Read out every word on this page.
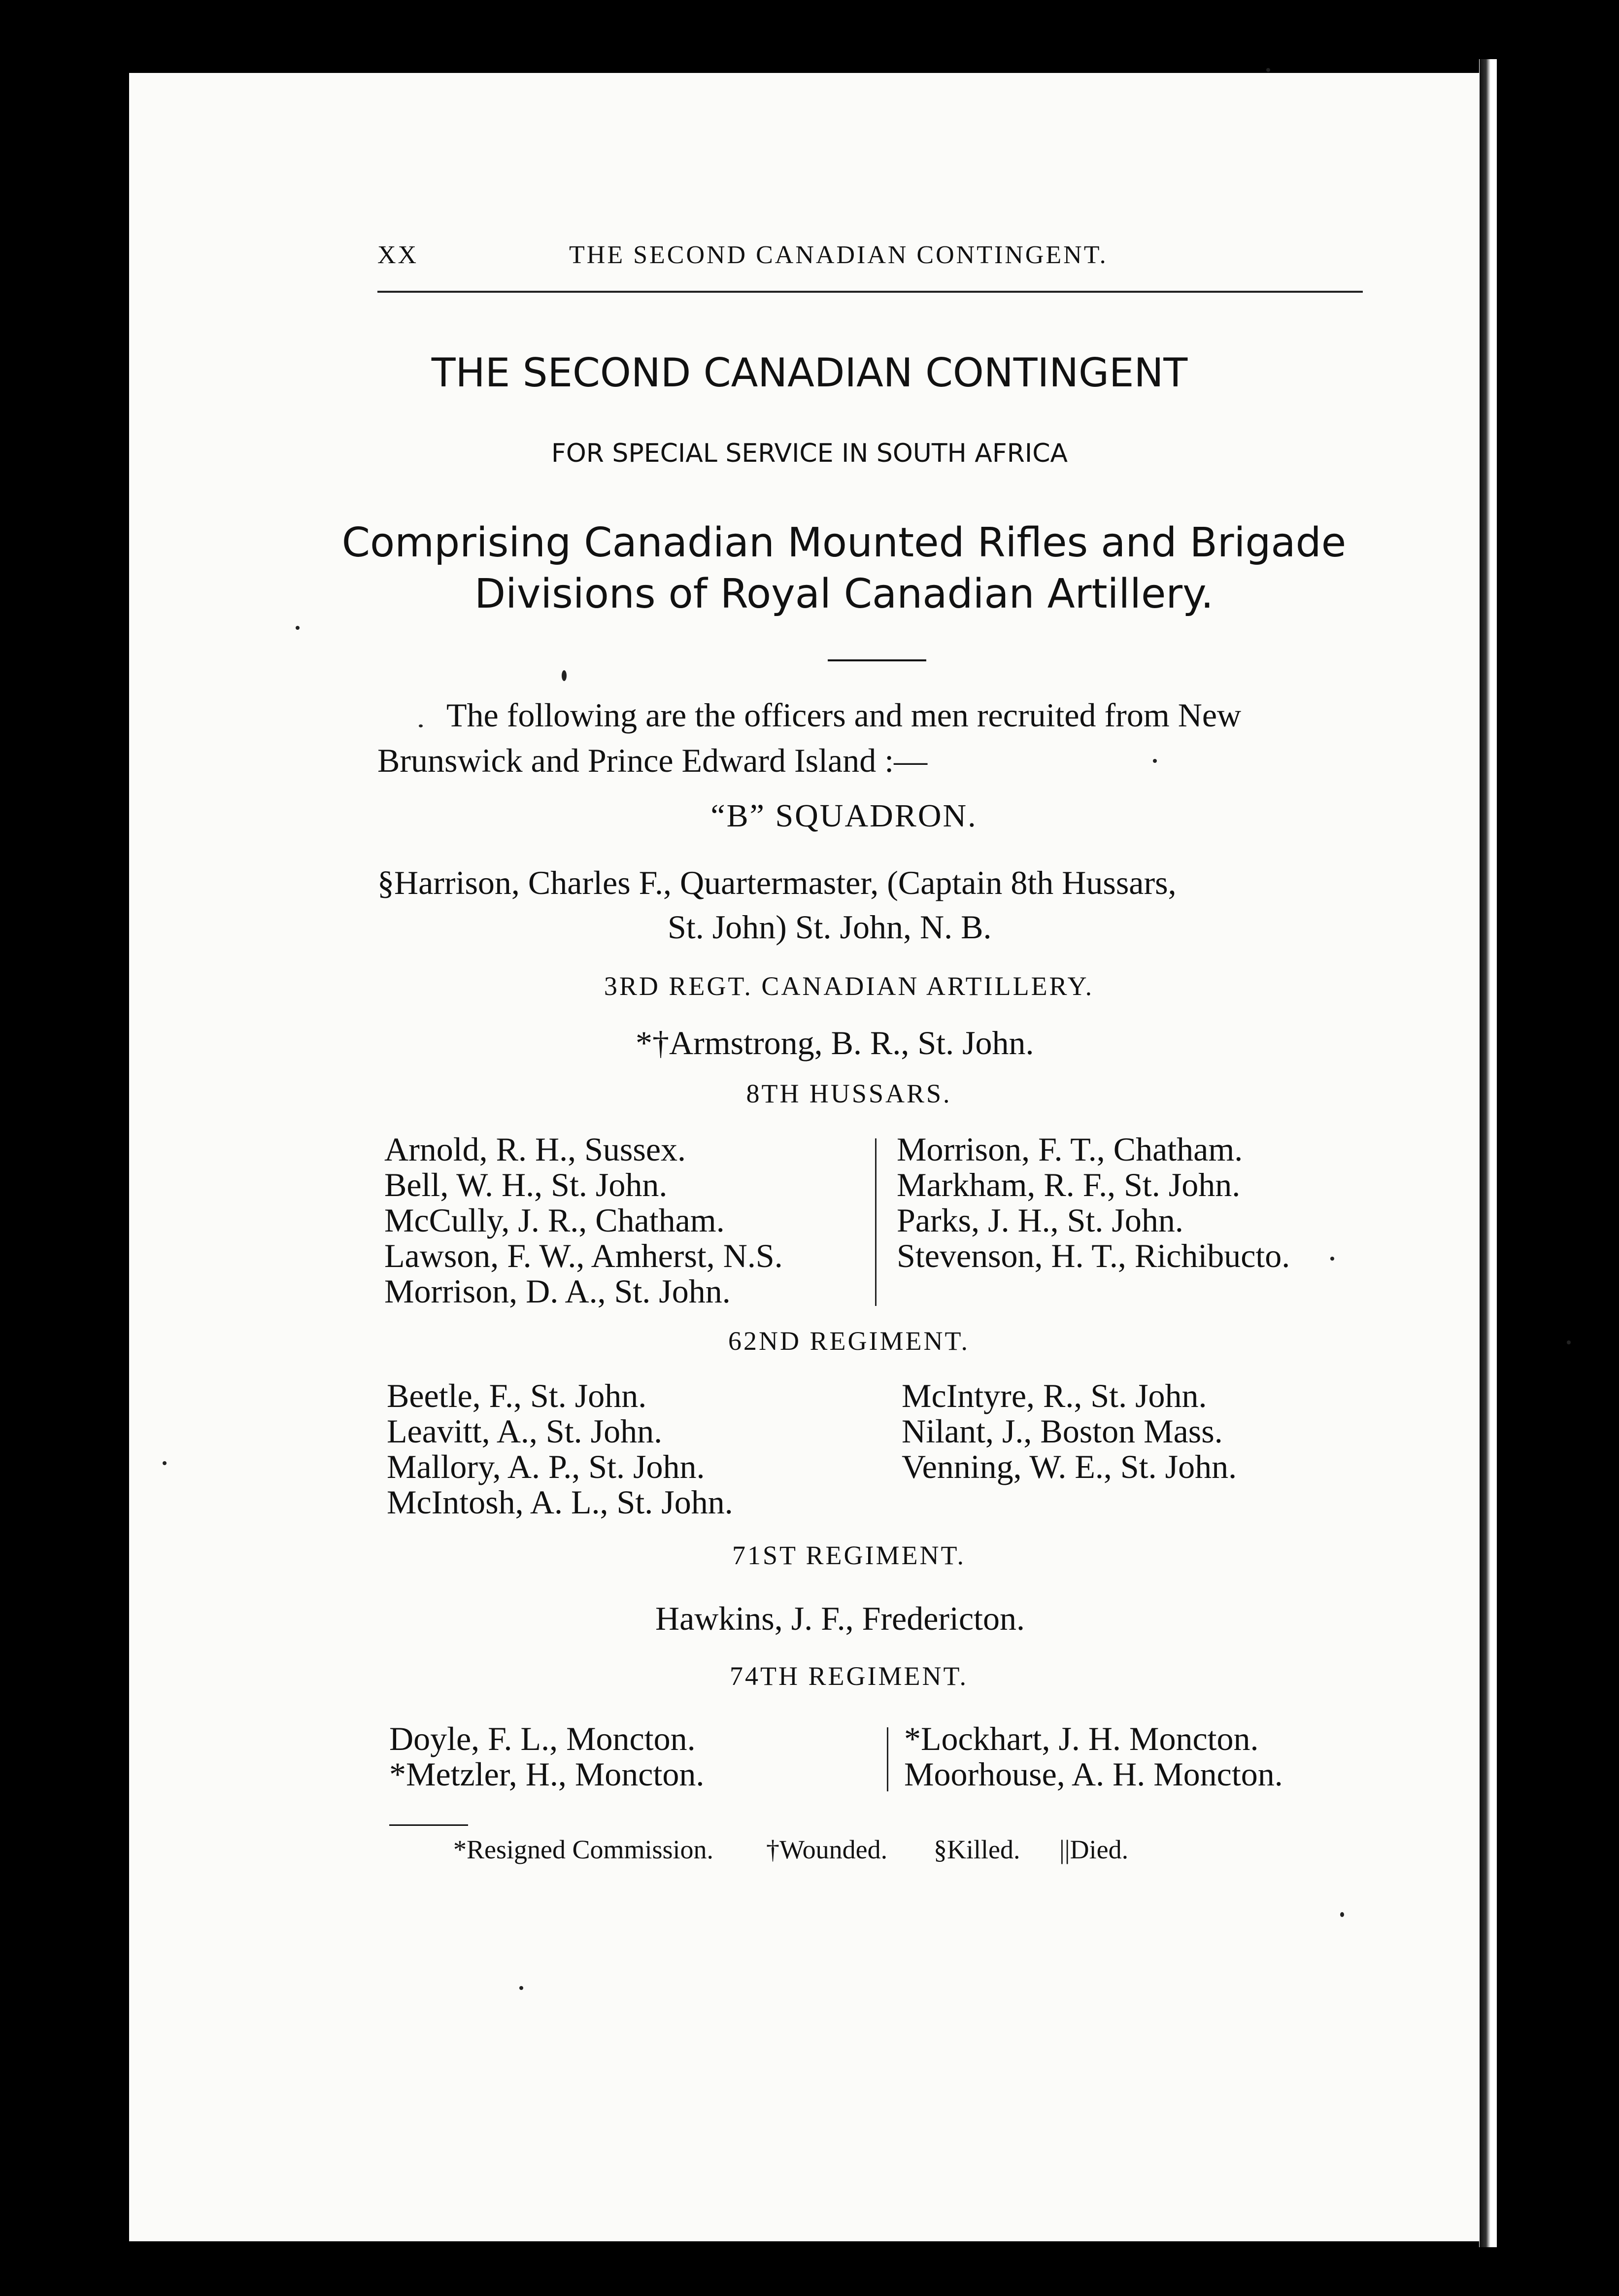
XX	THE SECOND CANADIAN CONTINGENT.
THE SECOND CANADIAN CONTINGENT
FOR SPECIAL SERVICE IN SOUTH AFRICA
Comprising Canadian Mounted Rifles and Brigade
Divisions of Royal Canadian Artillery.
The following are the officers and men recruited from New
Brunswick and Prince Edward Island :—
“B” SQUADRON.
§Harrison, Charles F., Quartermaster, (Captain 8th Hussars,
St. John) St. John, N. B.
3RD REGT. CANADIAN ARTILLERY.
*†Armstrong, B. R., St. John.
8TH HUSSARS.
Arnold, R. H., Sussex.
Bell, W. H., St. John.
McCully, J. R., Chatham.
Lawson, F. W., Amherst, N.S.
Morrison, D. A., St. John.
Morrison, F. T., Chatham.
Markham, R. F., St. John.
Parks, J. H., St. John.
Stevenson, H. T., Richibucto.
62ND REGIMENT.
Beetle, F., St. John.
Leavitt, A., St. John.
Mallory, A. P., St. John.
McIntosh, A. L., St. John.
McIntyre, R., St. John.
Nilant, J., Boston Mass.
Venning, W. E., St. John.
71ST REGIMENT.
Hawkins, J. F., Fredericton.
74TH REGIMENT.
Doyle, F. L., Moncton.
*Metzler, H., Moncton.
*Lockhart, J. H. Moncton.
Moorhouse, A. H. Moncton.
*Resigned Commission. †Wounded. §Killed. ||Died.
